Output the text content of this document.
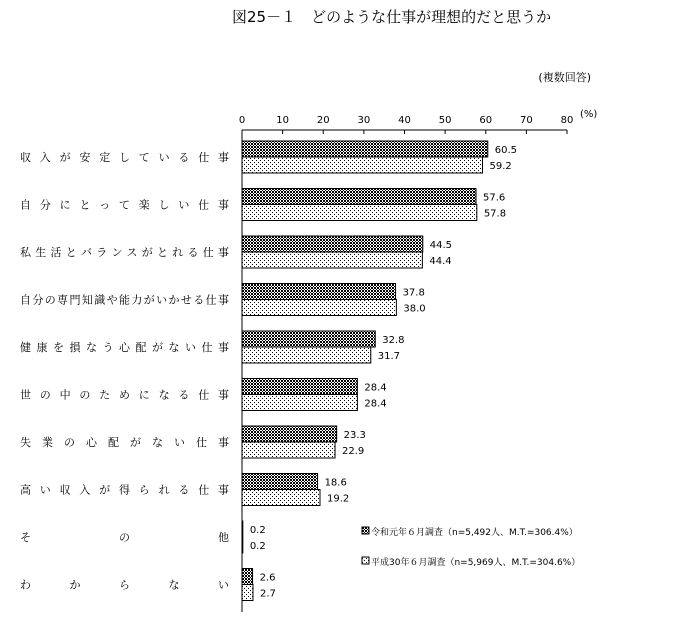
図25－１　どのような仕事が理想的だと思うか
(複数回答)
(%)
0	10	20	30	40	50	60	70	80
収入が安定している仕事
自分にとって楽しい仕事
私生活とバランスがとれる仕事
自分の専門知識や能力がいかせる仕事
健康を損なう心配がない仕事
世の中のためになる仕事
失業の心配がない仕事
高い収入が得られる仕事
その他
わからない
60.5
59.2
57.6
57.8
44.5
44.4
37.8
38.0
32.8
31.7
28.4
28.4
23.3
22.9
18.6
19.2
0.2
0.2
2.6
2.7
令和元年６月調査（n=5,492人、M.T.=306.4%）
平成30年６月調査（n=5,969人、M.T.=304.6%）
